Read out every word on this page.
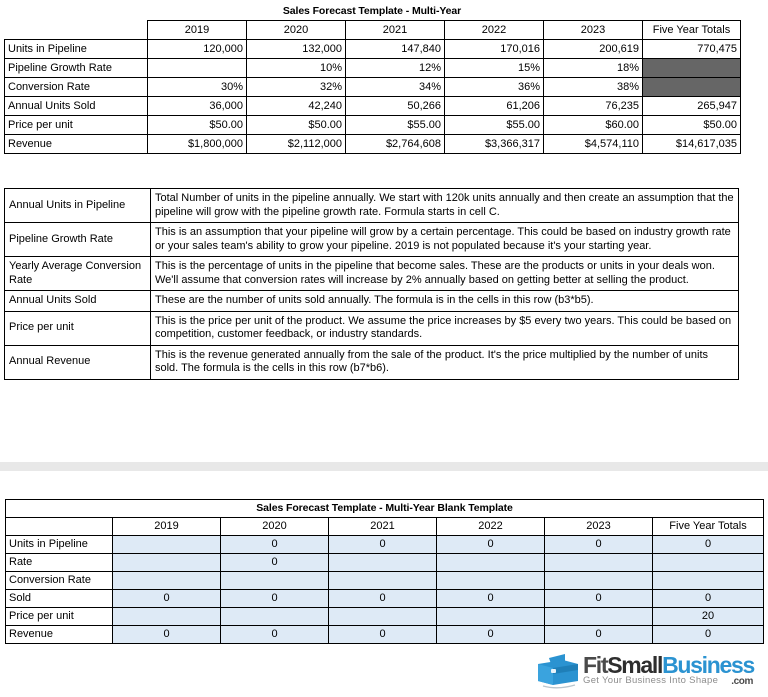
Sales Forecast Template - Multi-Year
	2019	2020	2021	2022	2023	Five Year Totals
Units in Pipeline	120,000	132,000	147,840	170,016	200,619	770,475
Pipeline Growth Rate		10%	12%	15%	18%	
Conversion Rate	30%	32%	34%	36%	38%	
Annual Units Sold	36,000	42,240	50,266	61,206	76,235	265,947
Price per unit	$50.00	$50.00	$55.00	$55.00	$60.00	$50.00
Revenue	$1,800,000	$2,112,000	$2,764,608	$3,366,317	$4,574,110	$14,617,035
Annual Units in Pipeline	Total Number of units in the pipeline annually. We start with 120k units annually and then create an assumption that the pipeline will grow with the pipeline growth rate. Formula starts in cell C.
Pipeline Growth Rate	This is an assumption that your pipeline will grow by a certain percentage. This could be based on industry growth rate or your sales team's ability to grow your pipeline. 2019 is not populated because it's your starting year.
Yearly Average Conversion Rate	This is the percentage of units in the pipeline that become sales. These are the products or units in your deals won. We'll assume that conversion rates will increase by 2% annually based on getting better at selling the product.
Annual Units Sold	These are the number of units sold annually. The formula is in the cells in this row (b3*b5).
Price per unit	This is the price per unit of the product. We assume the price increases by $5 every two years. This could be based on competition, customer feedback, or industry standards.
Annual Revenue	This is the revenue generated annually from the sale of the product. It's the price multiplied by the number of units sold. The formula is the cells in this row (b7*b6).
Sales Forecast Template - Multi-Year Blank Template						
	2019	2020	2021	2022	2023	Five Year Totals
Units in Pipeline		0	0	0	0	0
Rate		0				
Conversion Rate						
Sold	0	0	0	0	0	0
Price per unit						20
Revenue	0	0	0	0	0	0
FitSmallBusiness
Get Your Business Into Shape	.com
